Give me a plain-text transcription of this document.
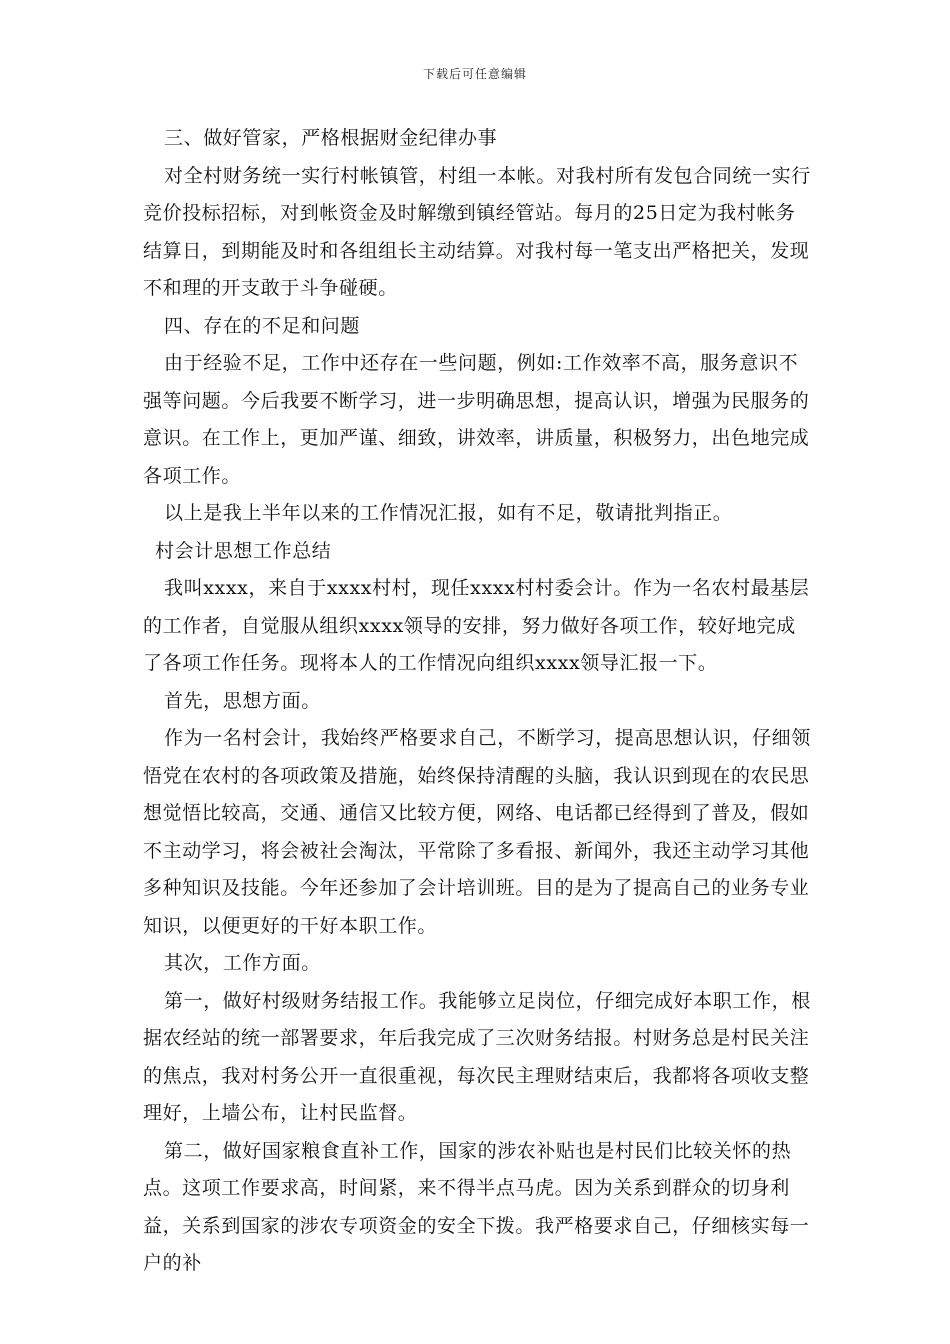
下载后可任意编辑

三、做好管家，严格根据财金纪律办事

对全村财务统一实行村帐镇管，村组一本帐。对我村所有发包合同统一实行竞价投标招标，对到帐资金及时解缴到镇经管站。每月的25日定为我村帐务结算日，到期能及时和各组组长主动结算。对我村每一笔支出严格把关，发现不和理的开支敢于斗争碰硬。

四、存在的不足和问题

由于经验不足，工作中还存在一些问题，例如:工作效率不高，服务意识不强等问题。今后我要不断学习，进一步明确思想，提高认识，增强为民服务的意识。在工作上，更加严谨、细致，讲效率，讲质量，积极努力，出色地完成各项工作。

以上是我上半年以来的工作情况汇报，如有不足，敬请批判指正。

村会计思想工作总结

我叫xxxx，来自于xxxx村村，现任xxxx村村委会计。作为一名农村最基层的工作者，自觉服从组织xxxx领导的安排，努力做好各项工作，较好地完成了各项工作任务。现将本人的工作情况向组织xxxx领导汇报一下。

首先，思想方面。

作为一名村会计，我始终严格要求自己，不断学习，提高思想认识，仔细领悟党在农村的各项政策及措施，始终保持清醒的头脑，我认识到现在的农民思想觉悟比较高，交通、通信又比较方便，网络、电话都已经得到了普及，假如不主动学习，将会被社会淘汰，平常除了多看报、新闻外，我还主动学习其他多种知识及技能。今年还参加了会计培训班。目的是为了提高自己的业务专业知识，以便更好的干好本职工作。

其次，工作方面。

第一，做好村级财务结报工作。我能够立足岗位，仔细完成好本职工作，根据农经站的统一部署要求，年后我完成了三次财务结报。村财务总是村民关注的焦点，我对村务公开一直很重视，每次民主理财结束后，我都将各项收支整理好，上墙公布，让村民监督。

第二，做好国家粮食直补工作，国家的涉农补贴也是村民们比较关怀的热点。这项工作要求高，时间紧，来不得半点马虎。因为关系到群众的切身利益，关系到国家的涉农专项资金的安全下拨。我严格要求自己，仔细核实每一户的补
